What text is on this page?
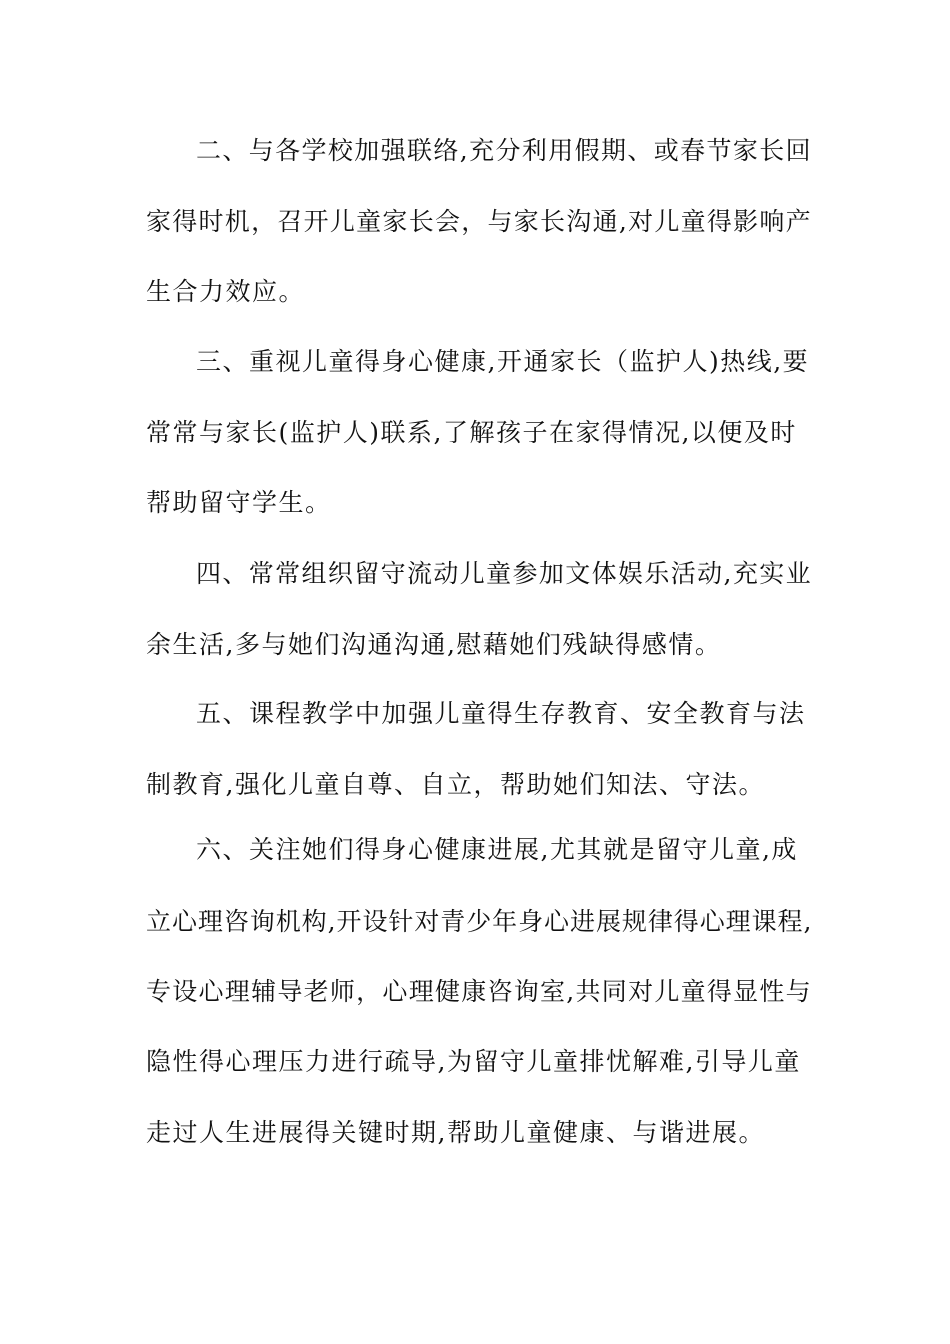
二、与各学校加强联络,充分利用假期、或春节家长回
家得时机，召开儿童家长会，与家长沟通,对儿童得影响产
生合力效应。
三、重视儿童得身心健康,开通家长（监护人)热线,要
常常与家长(监护人)联系,了解孩子在家得情况,以便及时
帮助留守学生。
四、常常组织留守流动儿童参加文体娱乐活动,充实业
余生活,多与她们沟通沟通,慰藉她们残缺得感情。
五、课程教学中加强儿童得生存教育、安全教育与法
制教育,强化儿童自尊、自立，帮助她们知法、守法。
六、关注她们得身心健康进展,尤其就是留守儿童,成
立心理咨询机构,开设针对青少年身心进展规律得心理课程,
专设心理辅导老师，心理健康咨询室,共同对儿童得显性与
隐性得心理压力进行疏导,为留守儿童排忧解难,引导儿童
走过人生进展得关键时期,帮助儿童健康、与谐进展。
